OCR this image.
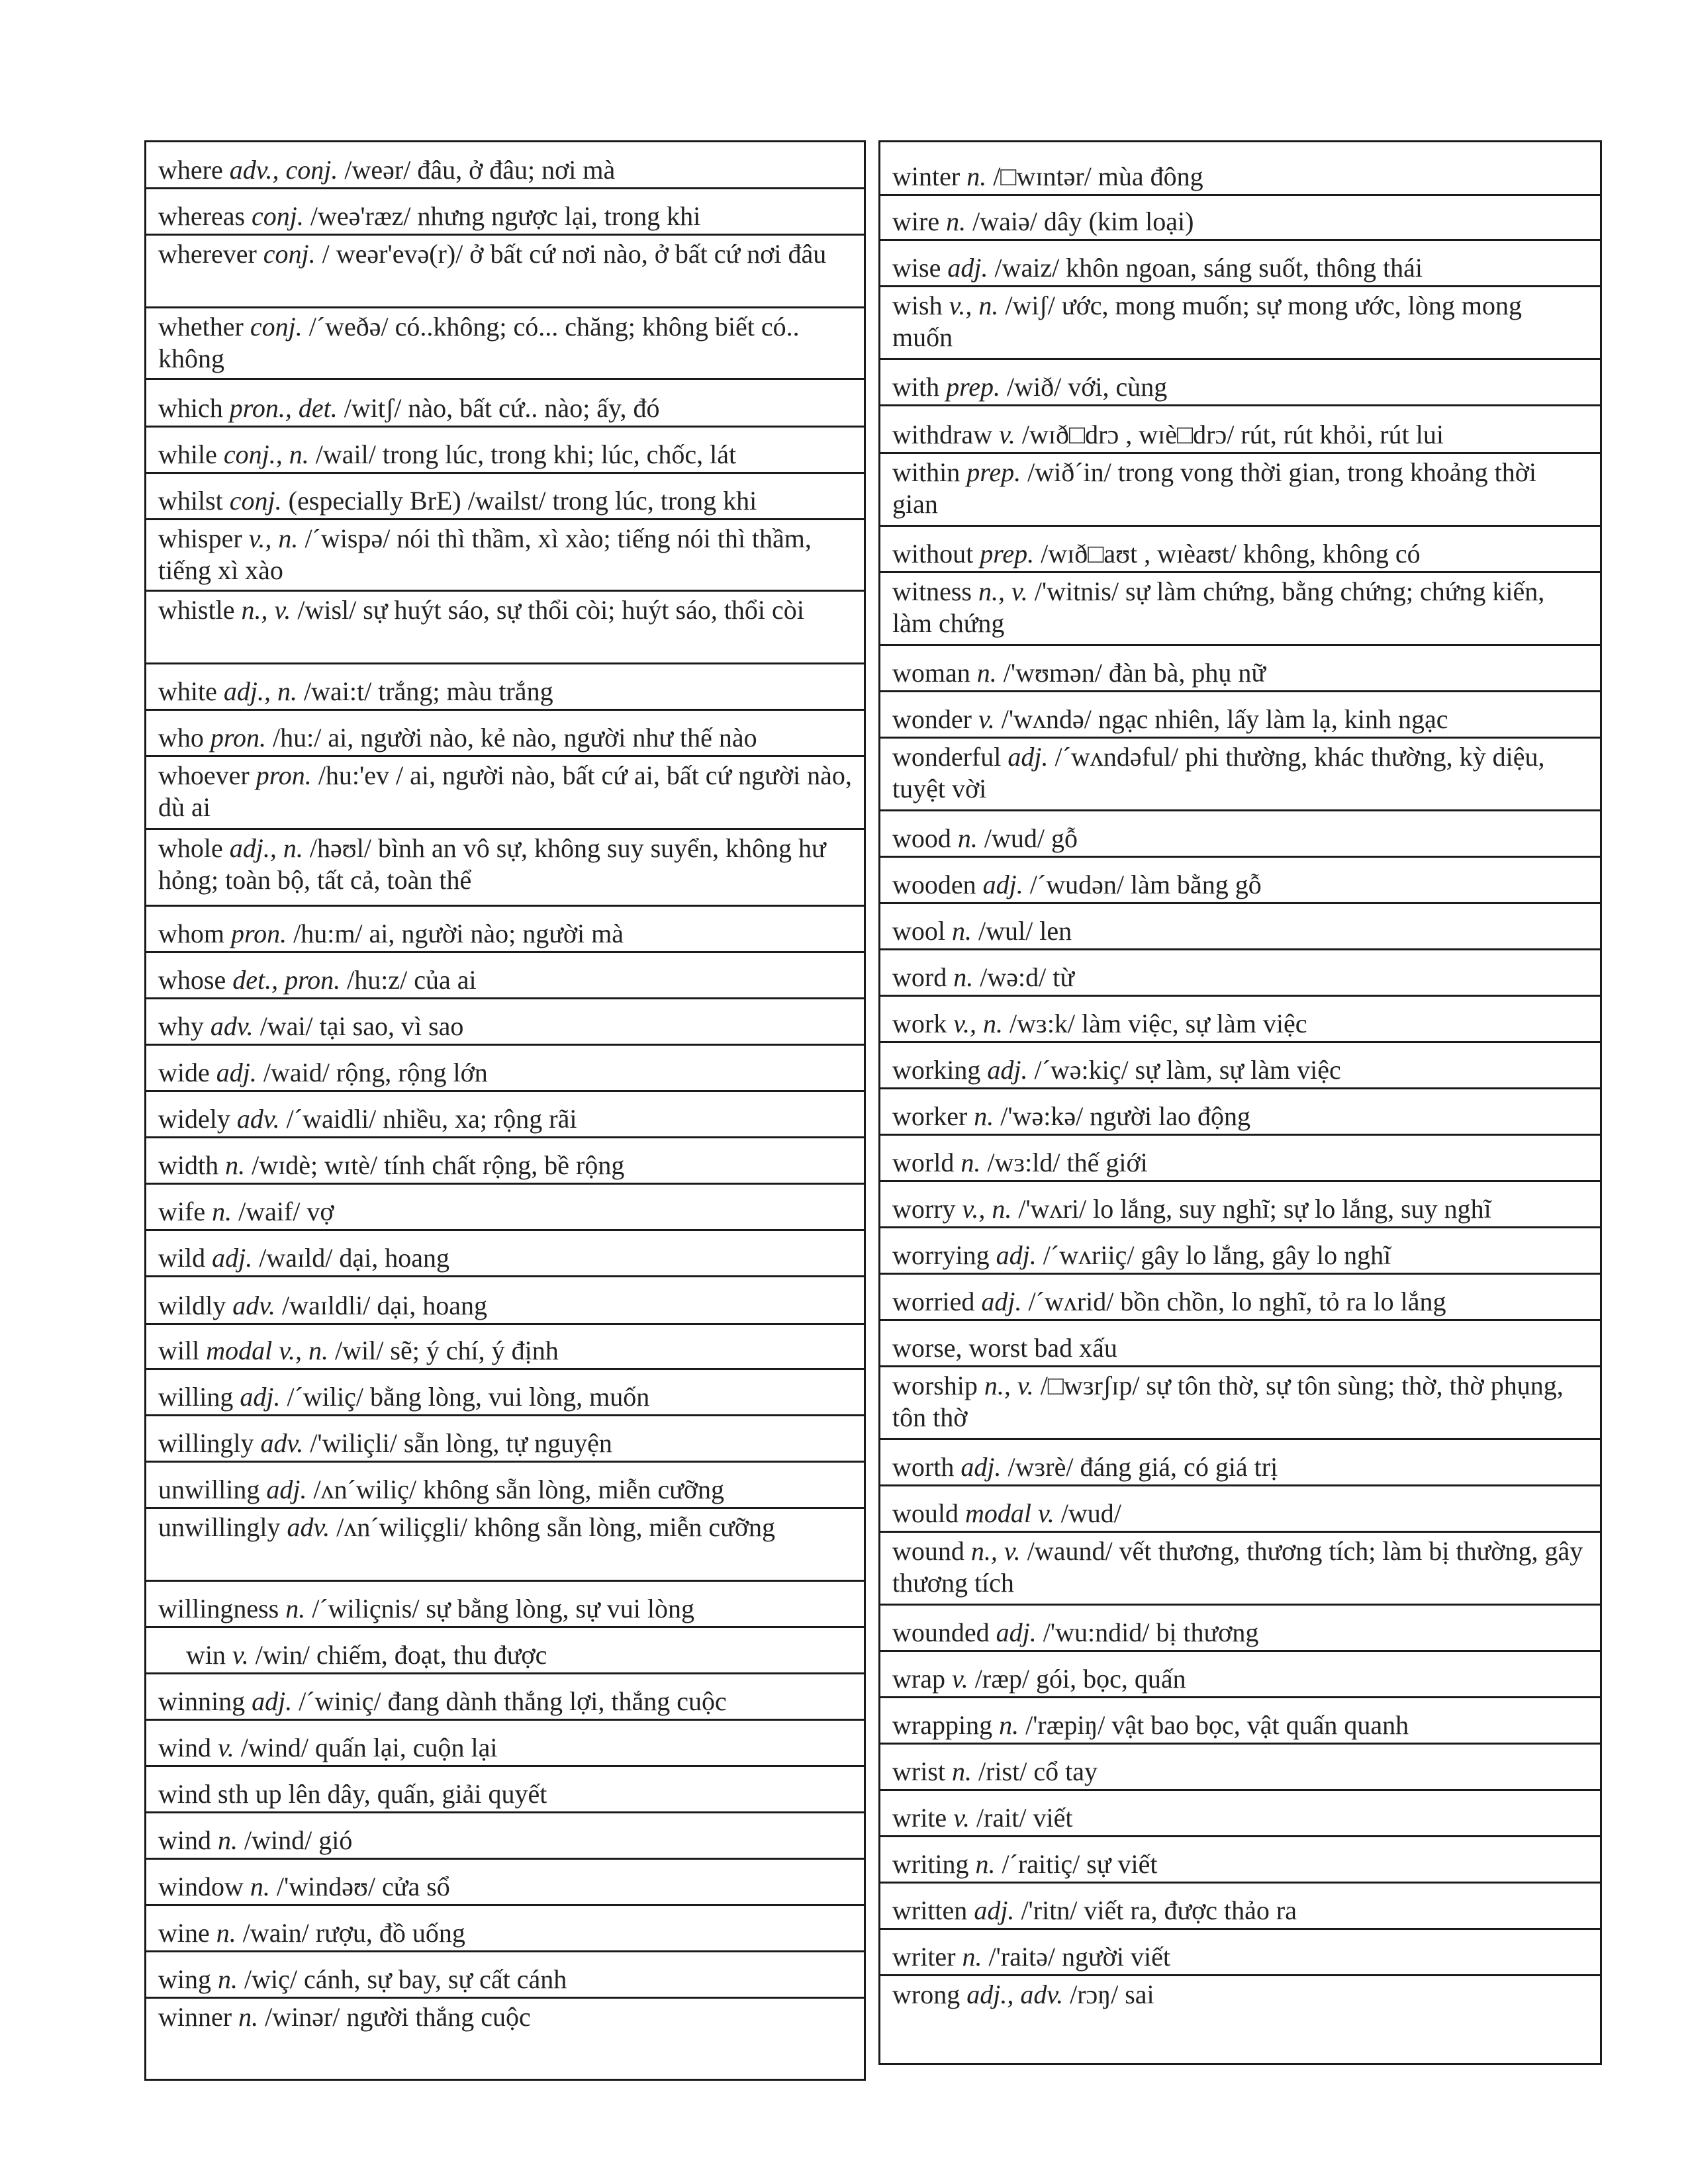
where adv., conj. /weər/ đâu, ở đâu; nơi mà
whereas conj. /weə'ræz/ nhưng ngược lại, trong khi
wherever conj. / weər'evə(r)/ ở bất cứ nơi nào, ở bất cứ nơi đâu
whether conj. /´weðə/ có..không; có... chăng; không biết có.. không
which pron., det. /witʃ/ nào, bất cứ.. nào; ấy, đó
while conj., n. /wail/ trong lúc, trong khi; lúc, chốc, lát
whilst conj. (especially BrE) /wailst/ trong lúc, trong khi
whisper v., n. /´wispə/ nói thì thầm, xì xào; tiếng nói thì thầm, tiếng xì xào
whistle n., v. /wisl/ sự huýt sáo, sự thổi còi; huýt sáo, thổi còi
white adj., n. /wai:t/ trắng; màu trắng
who pron. /hu:/ ai, người nào, kẻ nào, người như thế nào
whoever pron. /hu:'ev / ai, người nào, bất cứ ai, bất cứ người nào, dù ai
whole adj., n. /həʊl/ bình an vô sự, không suy suyển, không hư hỏng; toàn bộ, tất cả, toàn thể
whom pron. /hu:m/ ai, người nào; người mà
whose det., pron. /hu:z/ của ai
why adv. /wai/ tại sao, vì sao
wide adj. /waid/ rộng, rộng lớn
widely adv. /´waidli/ nhiều, xa; rộng rãi
width n. /wɪdè; wɪtè/ tính chất rộng, bề rộng
wife n. /waif/ vợ
wild adj. /waɪld/ dại, hoang
wildly adv. /waɪldli/ dại, hoang
will modal v., n. /wil/ sẽ; ý chí, ý định
willing adj. /´wiliç/ bằng lòng, vui lòng, muốn
willingly adv. /'wiliçli/ sẵn lòng, tự nguyện
unwilling adj. /ʌn´wiliç/ không sẵn lòng, miễn cưỡng
unwillingly adv. /ʌn´wiliçgli/ không sẵn lòng, miễn cưỡng
willingness n. /´wiliçnis/ sự bằng lòng, sự vui lòng
win v. /win/ chiếm, đoạt, thu được
winning adj. /´winiç/ đang dành thắng lợi, thắng cuộc
wind v. /wind/ quấn lại, cuộn lại
wind sth up lên dây, quấn, giải quyết
wind n. /wind/ gió
window n. /'windəʊ/ cửa sổ
wine n. /wain/ rượu, đồ uống
wing n. /wiç/ cánh, sự bay, sự cất cánh
winner n. /winər/ người thắng cuộc
winter n. /□wɪntər/ mùa đông
wire n. /waiə/ dây (kim loại)
wise adj. /waiz/ khôn ngoan, sáng suốt, thông thái
wish v., n. /wiʃ/ ước, mong muốn; sự mong ước, lòng mong muốn
with prep. /wið/ với, cùng
withdraw v. /wɪð□drɔ , wɪè□drɔ/ rút, rút khỏi, rút lui
within prep. /wið´in/ trong vong thời gian, trong khoảng thời gian
without prep. /wɪð□aʊt , wɪèaʊt/ không, không có
witness n., v. /'witnis/ sự làm chứng, bằng chứng; chứng kiến, làm chứng
woman n. /'wʊmən/ đàn bà, phụ nữ
wonder v. /'wʌndə/ ngạc nhiên, lấy làm lạ, kinh ngạc
wonderful adj. /´wʌndəful/ phi thường, khác thường, kỳ diệu, tuyệt vời
wood n. /wud/ gỗ
wooden adj. /´wudən/ làm bằng gỗ
wool n. /wul/ len
word n. /wə:d/ từ
work v., n. /wɜ:k/ làm việc, sự làm việc
working adj. /´wə:kiç/ sự làm, sự làm việc
worker n. /'wə:kə/ người lao động
world n. /wɜ:ld/ thế giới
worry v., n. /'wʌri/ lo lắng, suy nghĩ; sự lo lắng, suy nghĩ
worrying adj. /´wʌriiç/ gây lo lắng, gây lo nghĩ
worried adj. /´wʌrid/ bồn chồn, lo nghĩ, tỏ ra lo lắng
worse, worst bad xấu
worship n., v. /□wɜrʃɪp/ sự tôn thờ, sự tôn sùng; thờ, thờ phụng, tôn thờ
worth adj. /wɜrè/ đáng giá, có giá trị
would modal v. /wud/
wound n., v. /waund/ vết thương, thương tích; làm bị thường, gây thương tích
wounded adj. /'wu:ndid/ bị thương
wrap v. /ræp/ gói, bọc, quấn
wrapping n. /'ræpiŋ/ vật bao bọc, vật quấn quanh
wrist n. /rist/ cổ tay
write v. /rait/ viết
writing n. /´raitiç/ sự viết
written adj. /'ritn/ viết ra, được thảo ra
writer n. /'raitə/ người viết
wrong adj., adv. /rɔŋ/ sai
